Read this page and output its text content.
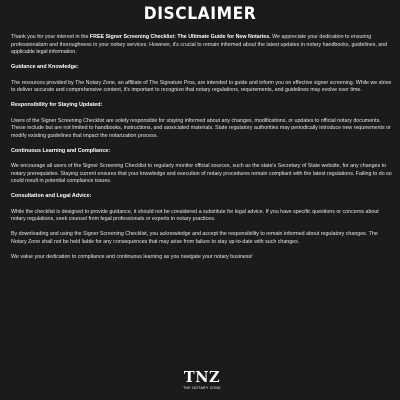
DISCLAIMER

Thank you for your interest in the FREE Signer Screening Checklist: The Ultimate Guide for New Notaries. We appreciate your dedication to ensuring professionalism and thoroughness in your notary services. However, it's crucial to remain informed about the latest updates in notary handbooks, guidelines, and applicable legal information.

Guidance and Knowledge:

The resources provided by The Notary Zone, an affiliate of The Signature Pros, are intended to guide and inform you on effective signer screening. While we strive to deliver accurate and comprehensive content, it's important to recognize that notary regulations, requirements, and guidelines may evolve over time.

Responsibility for Staying Updated:

Users of the Signer Screening Checklist are solely responsible for staying informed about any changes, modifications, or updates to official notary documents. These include but are not limited to handbooks, instructions, and associated materials. State regulatory authorities may periodically introduce new requirements or modify existing guidelines that impact the notarization process.

Continuous Learning and Compliance:

We encourage all users of the Signer Screening Checklist to regularly monitor official sources, such as the state's Secretary of State website, for any changes to notary prerequisites. Staying current ensures that your knowledge and execution of notary procedures remain compliant with the latest regulations. Failing to do so could result in potential compliance issues.

Consultation and Legal Advice:

While the checklist is designed to provide guidance, it should not be considered a substitute for legal advice. If you have specific questions or concerns about notary regulations, seek counsel from legal professionals or experts in notary practices.

By downloading and using the Signer Screening Checklist, you acknowledge and accept the responsibility to remain informed about regulatory changes. The Notary Zone shall not be held liable for any consequences that may arise from failure to stay up-to-date with such changes.

We value your dedication to compliance and continuous learning as you navigate your notary business!

TNZ
THE NOTARY ZONE
